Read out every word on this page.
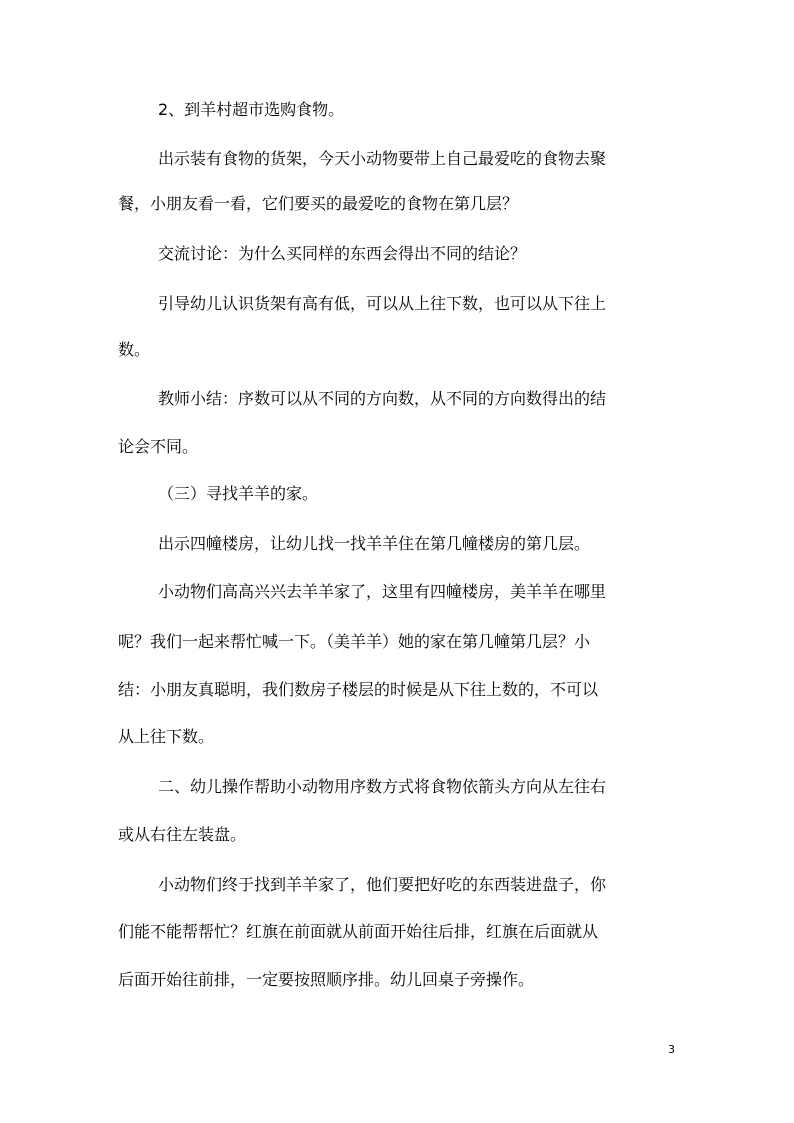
2、到羊村超市选购食物。
出示装有食物的货架，今天小动物要带上自己最爱吃的食物去聚
餐，小朋友看一看，它们要买的最爱吃的食物在第几层？
交流讨论：为什么买同样的东西会得出不同的结论？
引导幼儿认识货架有高有低，可以从上往下数，也可以从下往上
数。
教师小结：序数可以从不同的方向数，从不同的方向数得出的结
论会不同。
（三）寻找羊羊的家。
出示四幢楼房，让幼儿找一找羊羊住在第几幢楼房的第几层。
小动物们高高兴兴去羊羊家了，这里有四幢楼房，美羊羊在哪里
呢？我们一起来帮忙喊一下。（美羊羊）她的家在第几幢第几层？小
结：小朋友真聪明，我们数房子楼层的时候是从下往上数的，不可以
从上往下数。
二、幼儿操作帮助小动物用序数方式将食物依箭头方向从左往右
或从右往左装盘。
小动物们终于找到羊羊家了，他们要把好吃的东西装进盘子，你
们能不能帮帮忙？红旗在前面就从前面开始往后排，红旗在后面就从
后面开始往前排，一定要按照顺序排。幼儿回桌子旁操作。
3
